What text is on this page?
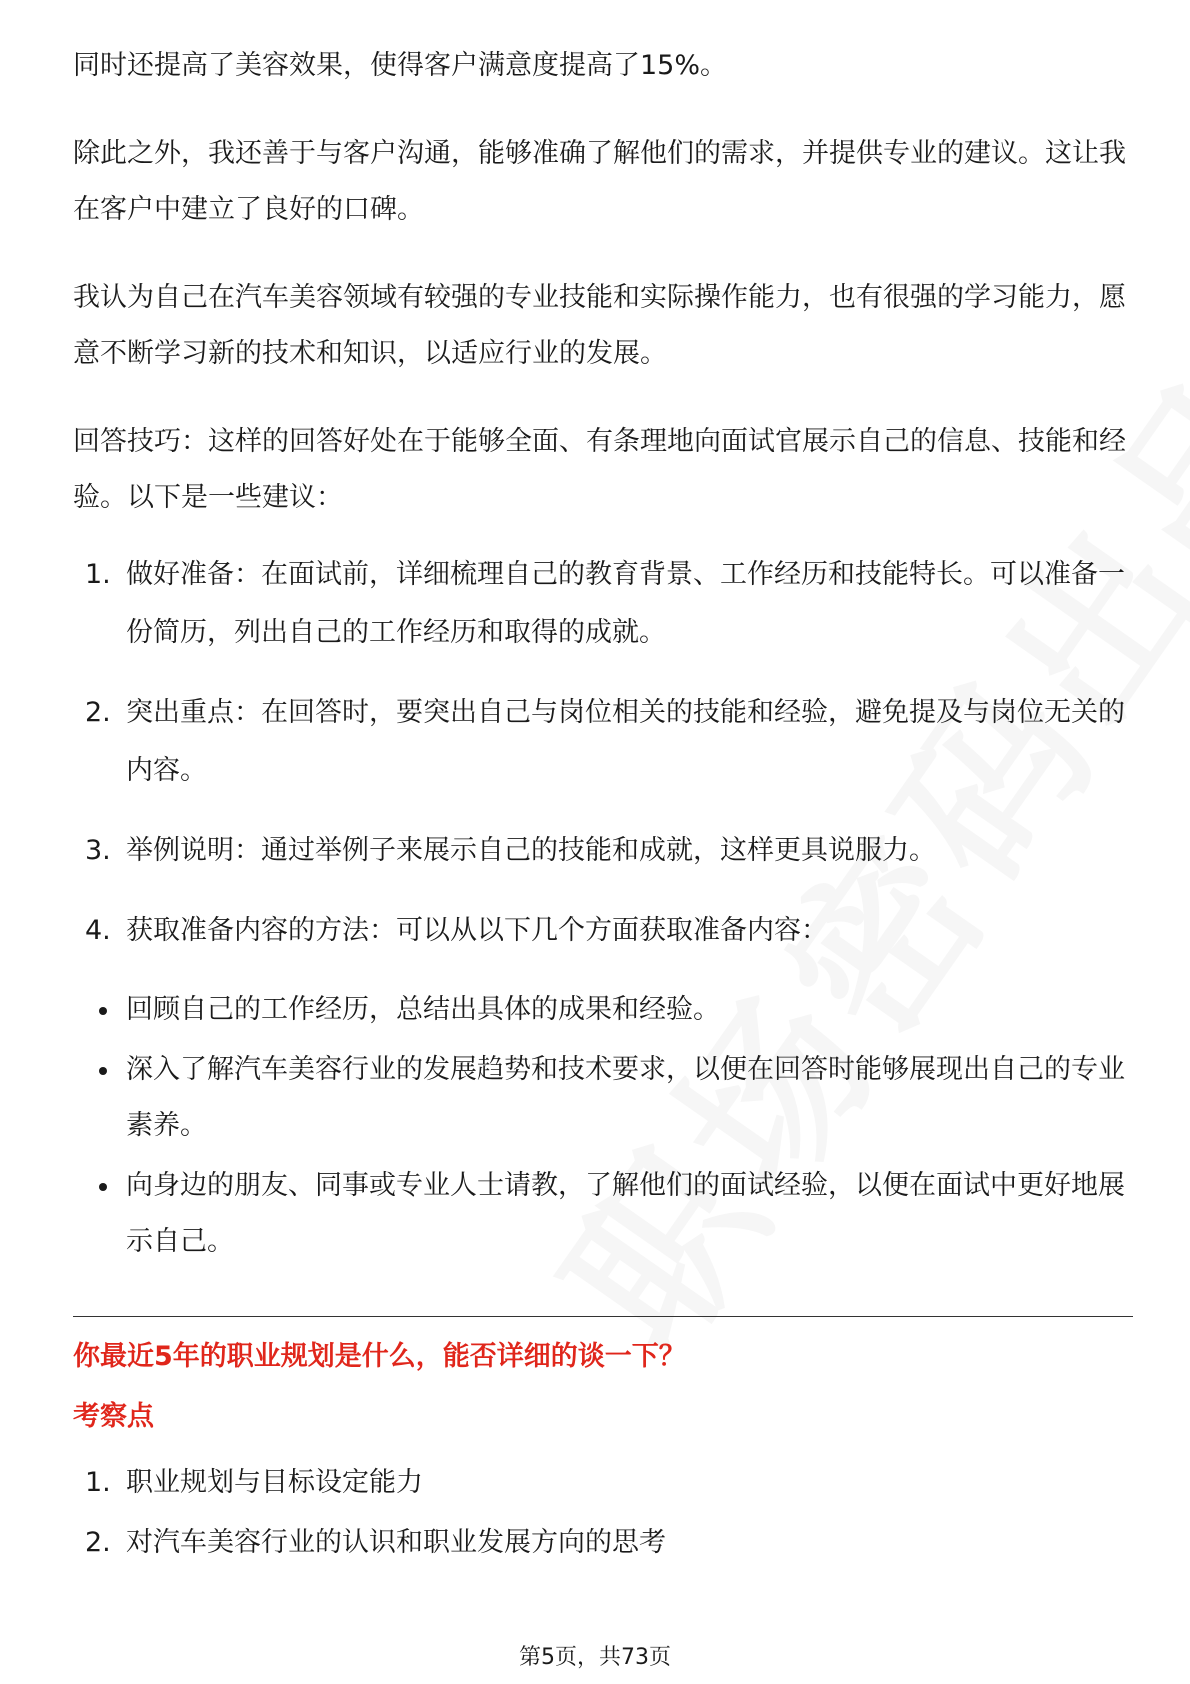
同时还提高了美容效果，使得客户满意度提高了15%。

除此之外，我还善于与客户沟通，能够准确了解他们的需求，并提供专业的建议。这让我在客户中建立了良好的口碑。

我认为自己在汽车美容领域有较强的专业技能和实际操作能力，也有很强的学习能力，愿意不断学习新的技术和知识，以适应行业的发展。

回答技巧：这样的回答好处在于能够全面、有条理地向面试官展示自己的信息、技能和经验。以下是一些建议：

1. 做好准备：在面试前，详细梳理自己的教育背景、工作经历和技能特长。可以准备一份简历，列出自己的工作经历和取得的成就。
2. 突出重点：在回答时，要突出自己与岗位相关的技能和经验，避免提及与岗位无关的内容。
3. 举例说明：通过举例子来展示自己的技能和成就，这样更具说服力。
4. 获取准备内容的方法：可以从以下几个方面获取准备内容：
回顾自己的工作经历，总结出具体的成果和经验。
深入了解汽车美容行业的发展趋势和技术要求，以便在回答时能够展现出自己的专业素养。
向身边的朋友、同事或专业人士请教，了解他们的面试经验，以便在面试中更好地展示自己。
你最近5年的职业规划是什么，能否详细的谈一下？
考察点
1. 职业规划与目标设定能力
2. 对汽车美容行业的认识和职业发展方向的思考
第5页，共73页
